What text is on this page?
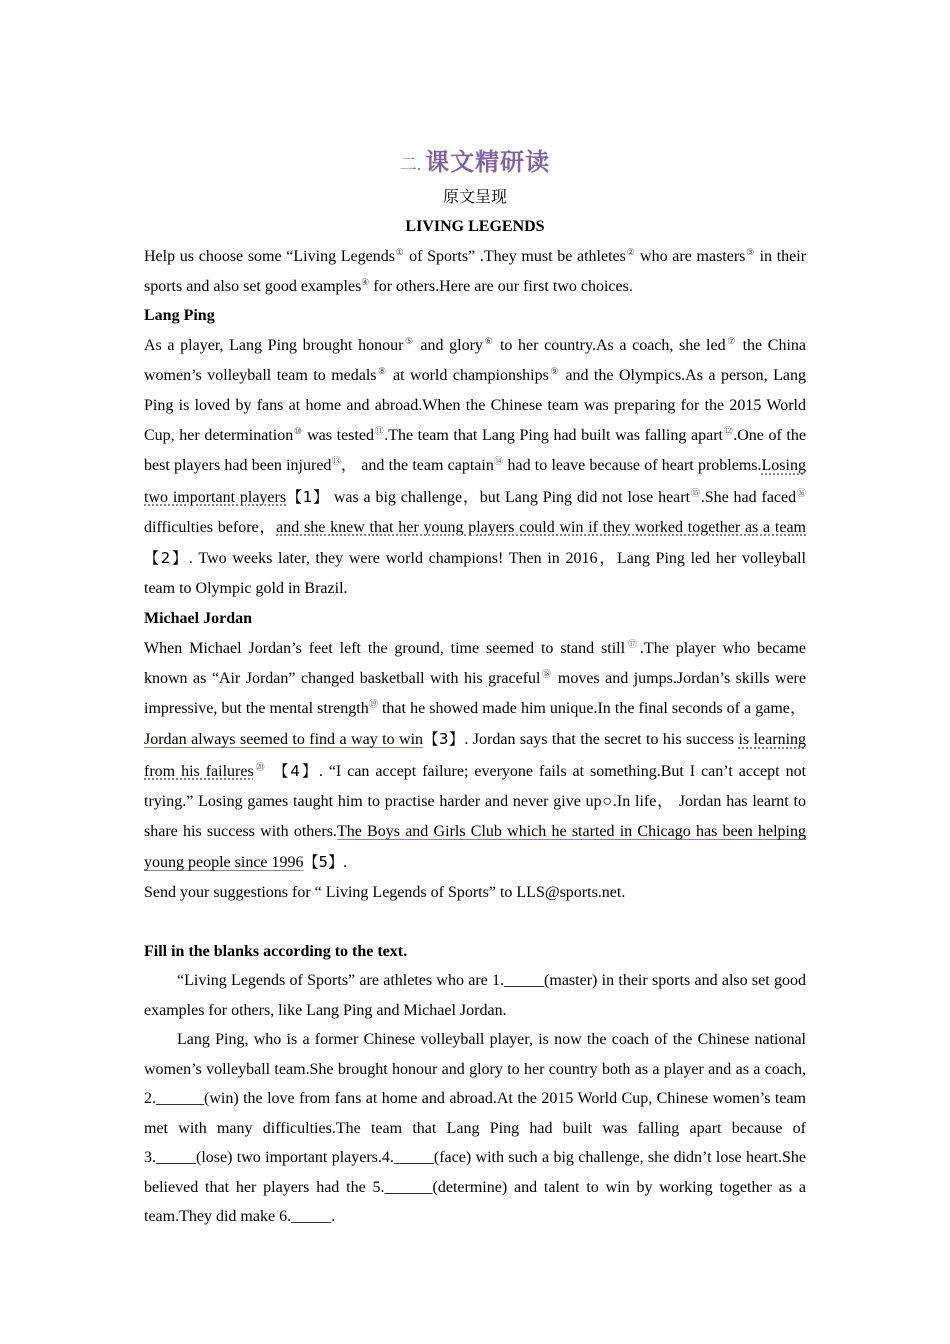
二. 课文精研读
原文呈现
LIVING LEGENDS

Help us choose some “Living Legends① of Sports” .They must be athletes② who are masters③ in their sports and also set good examples④ for others.Here are our first two choices.

Lang Ping

As a player, Lang Ping brought honour⑤ and glory⑥ to her country.As a coach, she led⑦ the China women’s volleyball team to medals⑧ at world championships⑨ and the Olympics.As a person, Lang Ping is loved by fans at home and abroad.When the Chinese team was preparing for the 2015 World Cup, her determination⑩ was tested⑪.The team that Lang Ping had built was falling apart⑫.One of the best players had been injured⑬， and the team captain⑭ had to leave because of heart problems.Losing two important players【1】 was a big challenge，but Lang Ping did not lose heart⑮.She had faced⑯ difficulties before，and she knew that her young players could win if they worked together as a team【2】. Two weeks later, they were world champions! Then in 2016，Lang Ping led her volleyball team to Olympic gold in Brazil.

Michael Jordan

When Michael Jordan’s feet left the ground, time seemed to stand still⑰.The player who became known as “Air Jordan” changed basketball with his graceful⑱ moves and jumps.Jordan’s skills were impressive, but the mental strength⑲ that he showed made him unique.In the final seconds of a game，Jordan always seemed to find a way to win【3】. Jordan says that the secret to his success is learning from his failures⑳ 【4】. “I can accept failure; everyone fails at something.But I can’t accept not trying.” Losing games taught him to practise harder and never give up○.In life， Jordan has learnt to share his success with others.The Boys and Girls Club which he started in Chicago has been helping young people since 1996【5】.

Send your suggestions for “ Living Legends of Sports” to LLS@sports.net.

Fill in the blanks according to the text.

“Living Legends of Sports” are athletes who are 1._____(master) in their sports and also set good examples for others, like Lang Ping and Michael Jordan.

Lang Ping, who is a former Chinese volleyball player, is now the coach of the Chinese national women’s volleyball team.She brought honour and glory to her country both as a player and as a coach, 2.______(win) the love from fans at home and abroad.At the 2015 World Cup, Chinese women’s team met with many difficulties.The team that Lang Ping had built was falling apart because of 3._____(lose) two important players.4._____(face) with such a big challenge, she didn’t lose heart.She believed that her players had the 5.______(determine) and talent to win by working together as a team.They did make 6._____.
